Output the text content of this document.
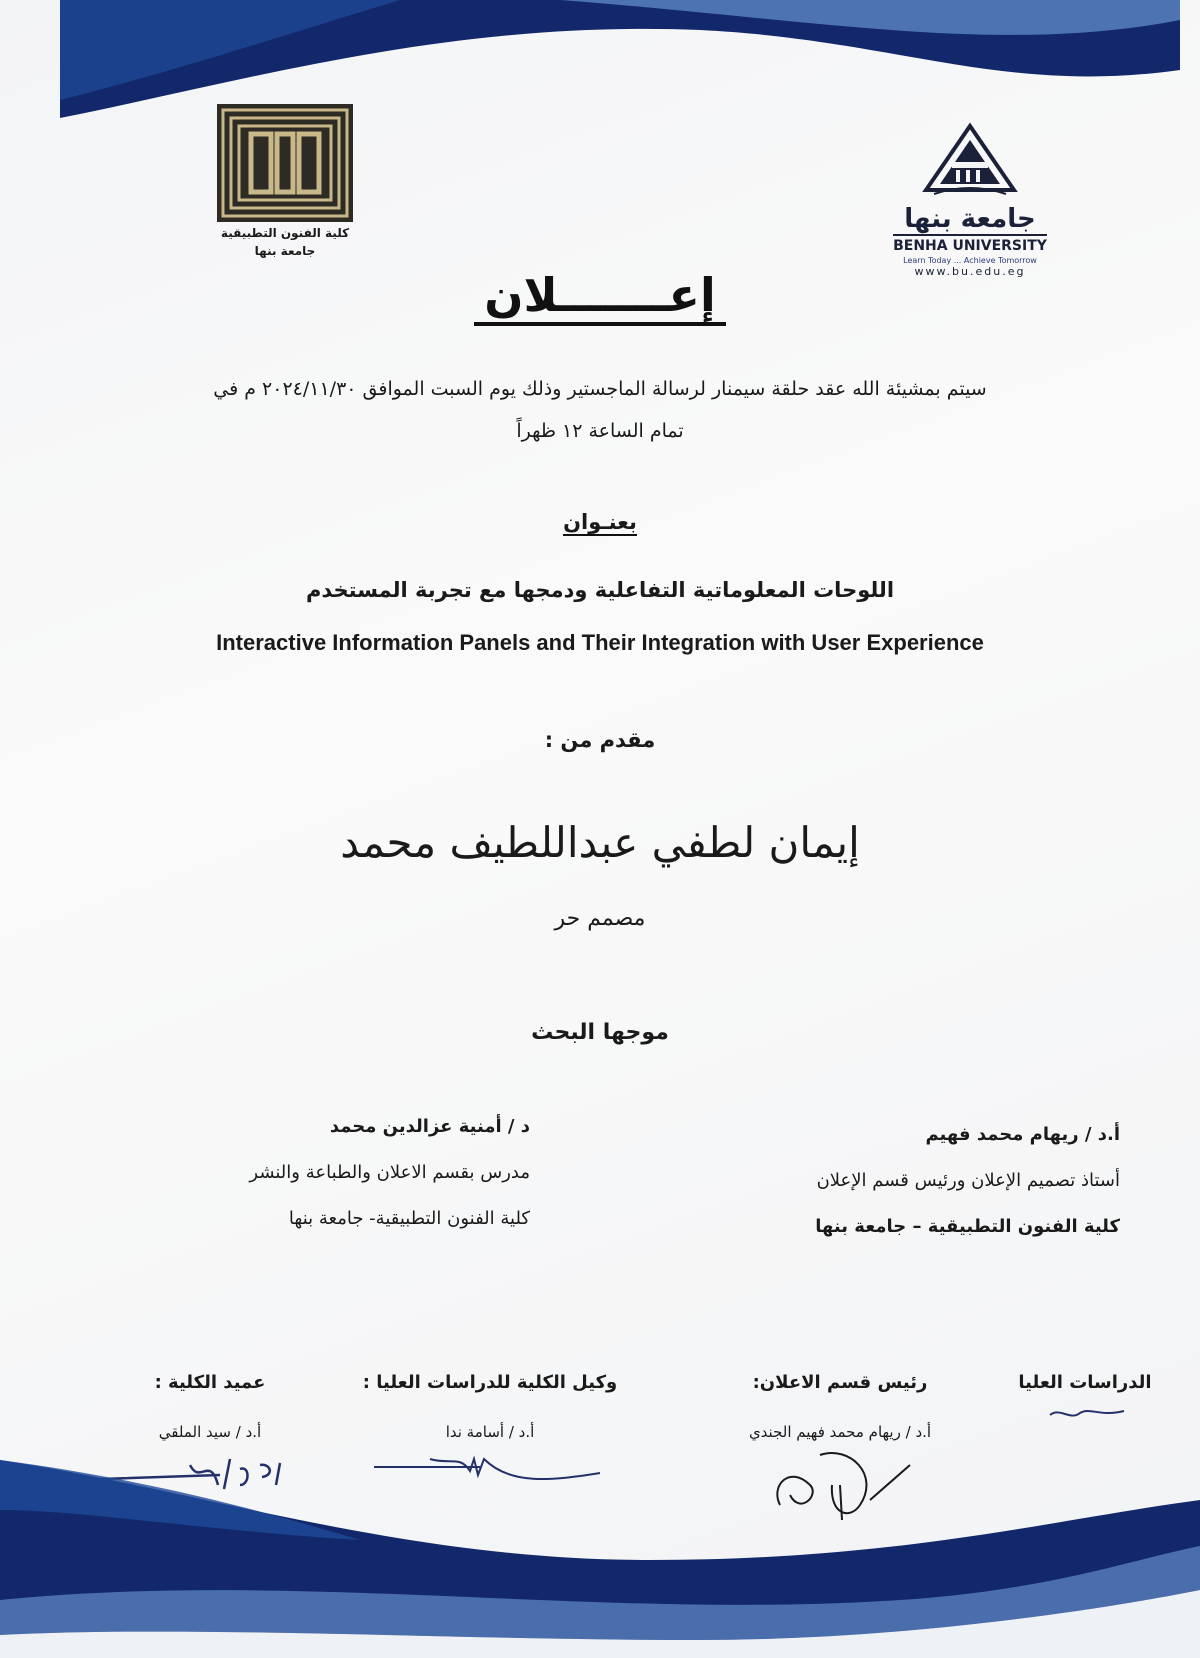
كلية الفنون التطبيقية
جامعة بنها
جامعة بنها
BENHA UNIVERSITY
Learn Today ... Achieve Tomorrow
www.bu.edu.eg
إعـــــــلان
سيتم بمشيئة الله عقد حلقة سيمنار لرسالة الماجستير وذلك يوم السبت الموافق ٢٠٢٤/١١/٣٠ م في
تمام الساعة ١٢ ظهراً
بعنـوان
اللوحات المعلوماتية التفاعلية ودمجها مع تجربة المستخدم
Interactive Information Panels and Their Integration with User Experience
مقدم من :
إيمان لطفي عبداللطيف محمد
مصمم حر
موجها البحث
أ.د / ريهام محمد فهيم
أستاذ تصميم الإعلان ورئيس قسم الإعلان
كلية الفنون التطبيقية – جامعة بنها
د / أمنية عزالدين محمد
مدرس بقسم الاعلان والطباعة والنشر
كلية الفنون التطبيقية- جامعة بنها
الدراسات العليا
رئيس قسم الاعلان:
أ.د / ريهام محمد فهيم الجندي
وكيل الكلية للدراسات العليا :
أ.د / أسامة ندا
عميد الكلية :
أ.د / سيد الملقي
